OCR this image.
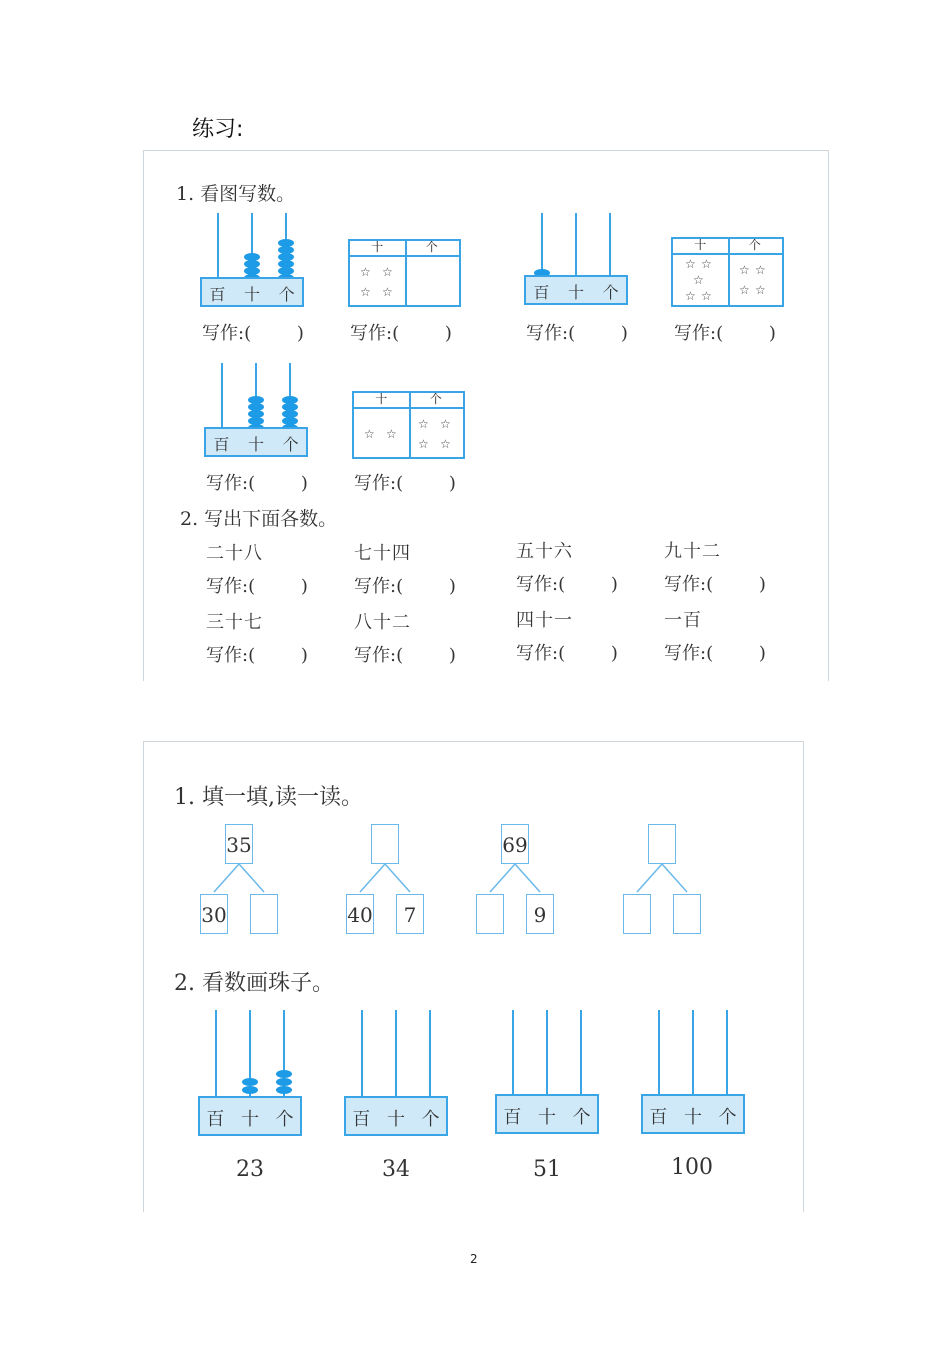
练习:
1. 看图写数。
百 十 个
写作:(        )
十	个
☆ ☆
☆ ☆
写作:(        )
百 十 个
写作:(        )
十	个
☆ ☆
☆
☆ ☆
☆ ☆
☆ ☆
写作:(        )
百 十 个
写作:(        )
十	个
☆ ☆
☆ ☆
☆ ☆
写作:(        )
2. 写出下面各数。
二十八	七十四	五十六	九十二
写作:(        )	写作:(        )	写作:(        )	写作:(        )
三十七	八十二	四十一	一百
写作:(        )	写作:(        )	写作:(        )	写作:(        )
1. 填一填,读一读。
35
30	40	7
69
9
2. 看数画珠子。
百 十 个	百 十 个	百 十 个	百 十 个
23	34	51	100
2
